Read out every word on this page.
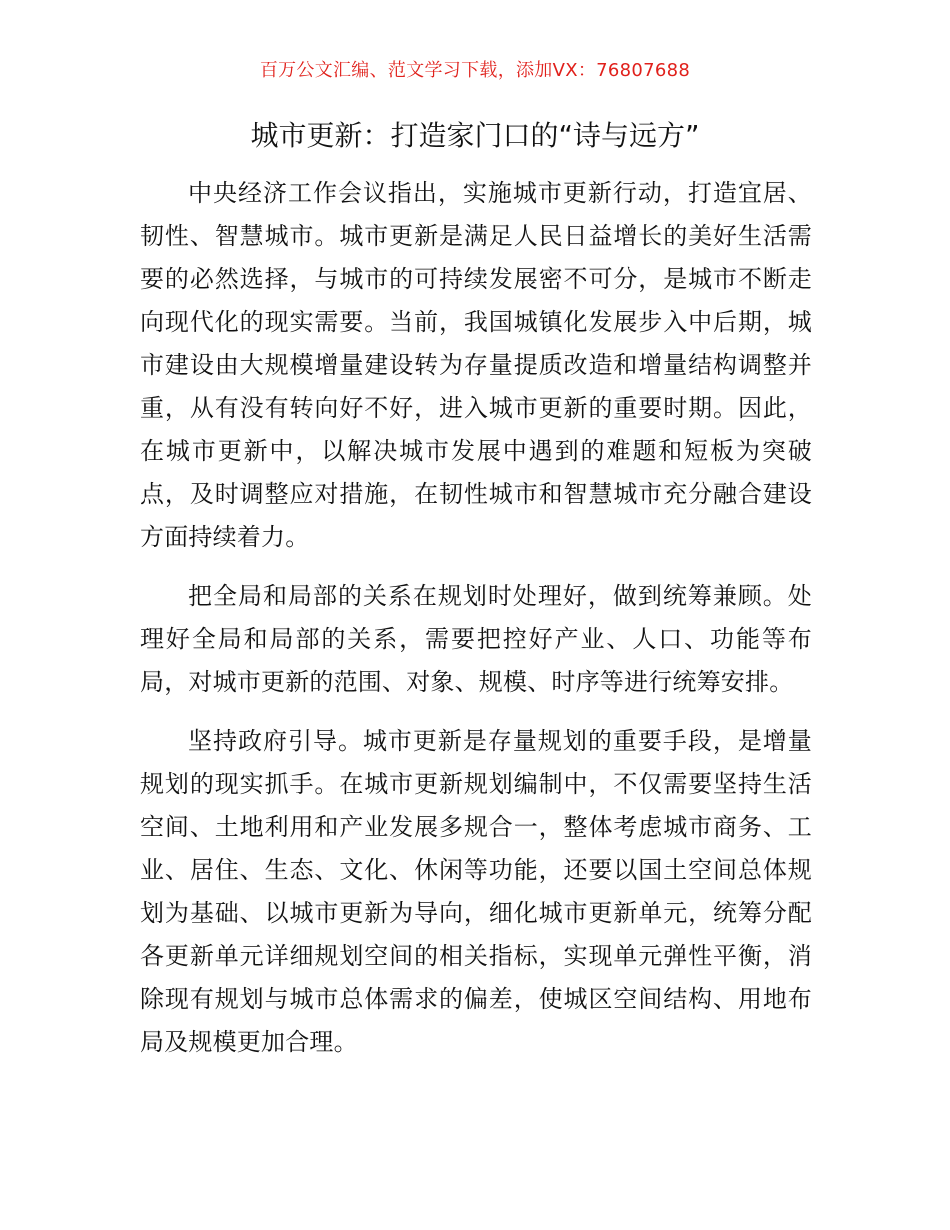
百万公文汇编、范文学习下载，添加VX：76807688
城市更新：打造家门口的“诗与远方”

中央经济工作会议指出，实施城市更新行动，打造宜居、韧性、智慧城市。城市更新是满足人民日益增长的美好生活需要的必然选择，与城市的可持续发展密不可分，是城市不断走向现代化的现实需要。当前，我国城镇化发展步入中后期，城市建设由大规模增量建设转为存量提质改造和增量结构调整并重，从有没有转向好不好，进入城市更新的重要时期。因此，在城市更新中，以解决城市发展中遇到的难题和短板为突破点，及时调整应对措施，在韧性城市和智慧城市充分融合建设方面持续着力。

把全局和局部的关系在规划时处理好，做到统筹兼顾。处理好全局和局部的关系，需要把控好产业、人口、功能等布局，对城市更新的范围、对象、规模、时序等进行统筹安排。

坚持政府引导。城市更新是存量规划的重要手段，是增量规划的现实抓手。在城市更新规划编制中，不仅需要坚持生活空间、土地利用和产业发展多规合一，整体考虑城市商务、工业、居住、生态、文化、休闲等功能，还要以国土空间总体规划为基础、以城市更新为导向，细化城市更新单元，统筹分配各更新单元详细规划空间的相关指标，实现单元弹性平衡，消除现有规划与城市总体需求的偏差，使城区空间结构、用地布局及规模更加合理。
